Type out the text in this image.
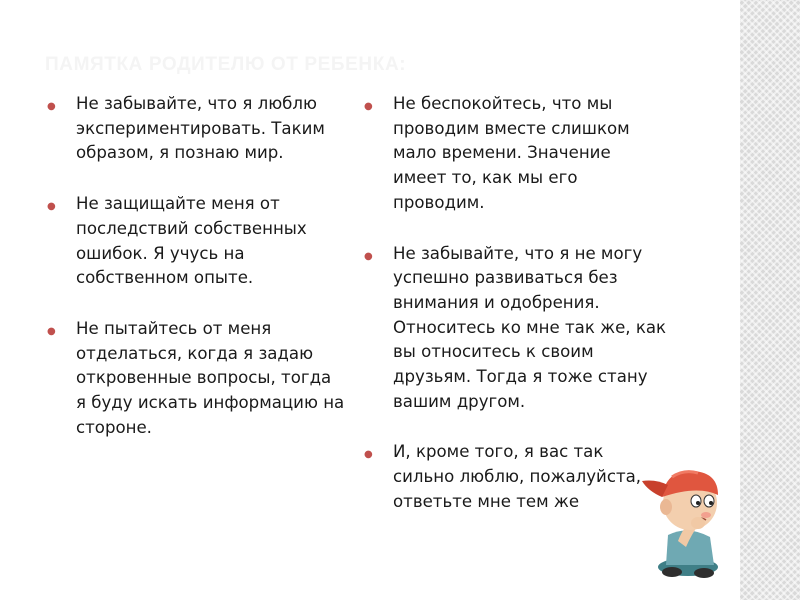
ПАМЯТКА РОДИТЕЛЮ ОТ РЕБЕНКА:
● Не забывайте, что я люблю экспериментировать. Таким образом, я познаю мир.
● Не защищайте меня от последствий собственных ошибок. Я учусь на собственном опыте.
● Не пытайтесь от меня отделаться, когда я задаю откровенные вопросы, тогда я буду искать информацию на стороне.
● Не беспокойтесь, что мы проводим вместе слишком мало времени. Значение имеет то, как мы его проводим.
● Не забывайте, что я не могу успешно развиваться без внимания и одобрения. Относитесь ко мне так же, как вы относитесь к своим друзьям. Тогда я тоже стану вашим другом.
● И, кроме того, я вас так сильно люблю, пожалуйста, ответьте мне тем же
